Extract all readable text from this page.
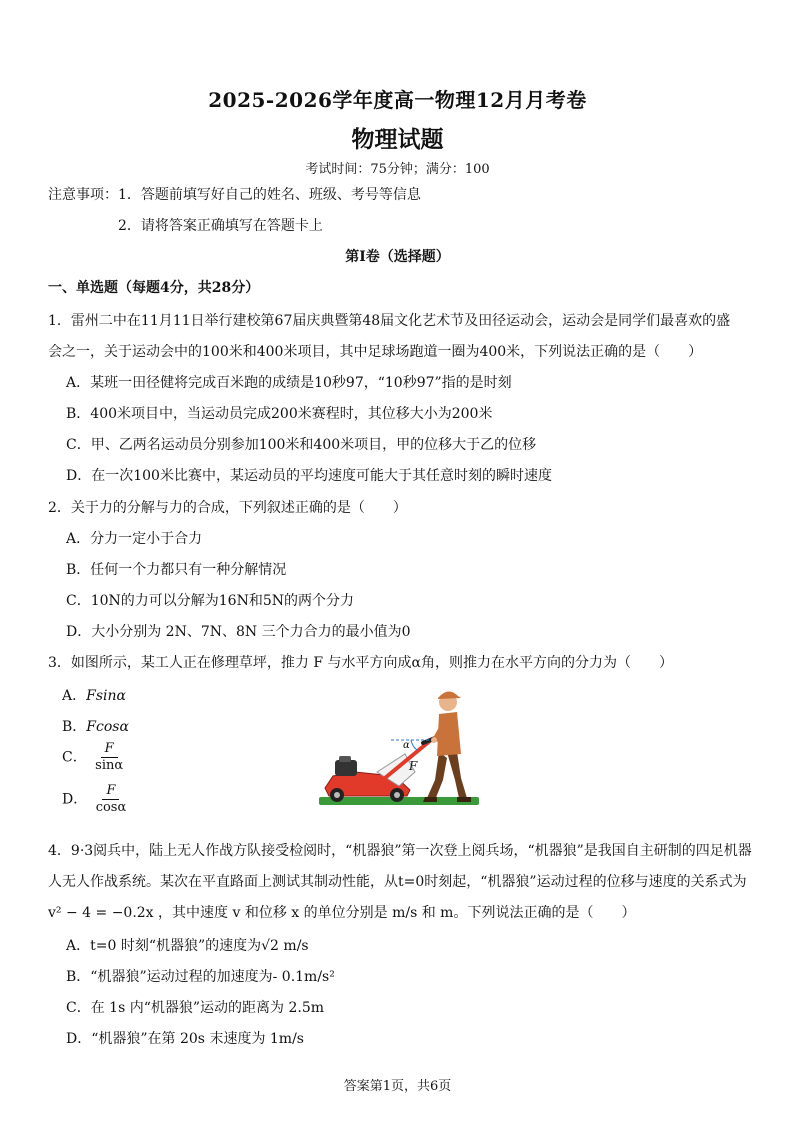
2025-2026学年度高一物理12月月考卷
物理试题
考试时间：75分钟；满分：100
注意事项：1．答题前填写好自己的姓名、班级、考号等信息
2．请将答案正确填写在答题卡上
第Ⅰ卷（选择题）
一、单选题（每题4分，共28分）
1．雷州二中在11月11日举行建校第67届庆典暨第48届文化艺术节及田径运动会，运动会是同学们最喜欢的盛
会之一，关于运动会中的100米和400米项目，其中足球场跑道一圈为400米，下列说法正确的是（　　）
A．某班一田径健将完成百米跑的成绩是10秒97，“10秒97”指的是时刻
B．400米项目中，当运动员完成200米赛程时，其位移大小为200米
C．甲、乙两名运动员分别参加100米和400米项目，甲的位移大于乙的位移
D．在一次100米比赛中，某运动员的平均速度可能大于其任意时刻的瞬时速度
2．关于力的分解与力的合成，下列叙述正确的是（　　）
A．分力一定小于合力
B．任何一个力都只有一种分解情况
C．10N的力可以分解为16N和5N的两个分力
D．大小分别为 2N、7N、8N 三个力合力的最小值为0
3．如图所示，某工人正在修理草坪，推力 F 与水平方向成α角，则推力在水平方向的分力为（　　）
A．Fsinα
B．Fcosα
C． $\frac{F}{\sin\alpha}$
D． $\frac{F}{\cos\alpha}$
α
F
4．9·3阅兵中，陆上无人作战方队接受检阅时，“机器狼”第一次登上阅兵场，“机器狼”是我国自主研制的四足机器
人无人作战系统。某次在平直路面上测试其制动性能，从t=0时刻起，“机器狼”运动过程的位移与速度的关系式为
v² − 4 = −0.2x ，其中速度 v 和位移 x 的单位分别是 m/s 和 m。下列说法正确的是（　　）
A．t=0 时刻“机器狼”的速度为√2 m/s
B．“机器狼”运动过程的加速度为- 0.1m/s²
C．在 1s 内“机器狼”运动的距离为 2.5m
D．“机器狼”在第 20s 末速度为 1m/s
答案第1页，共6页
